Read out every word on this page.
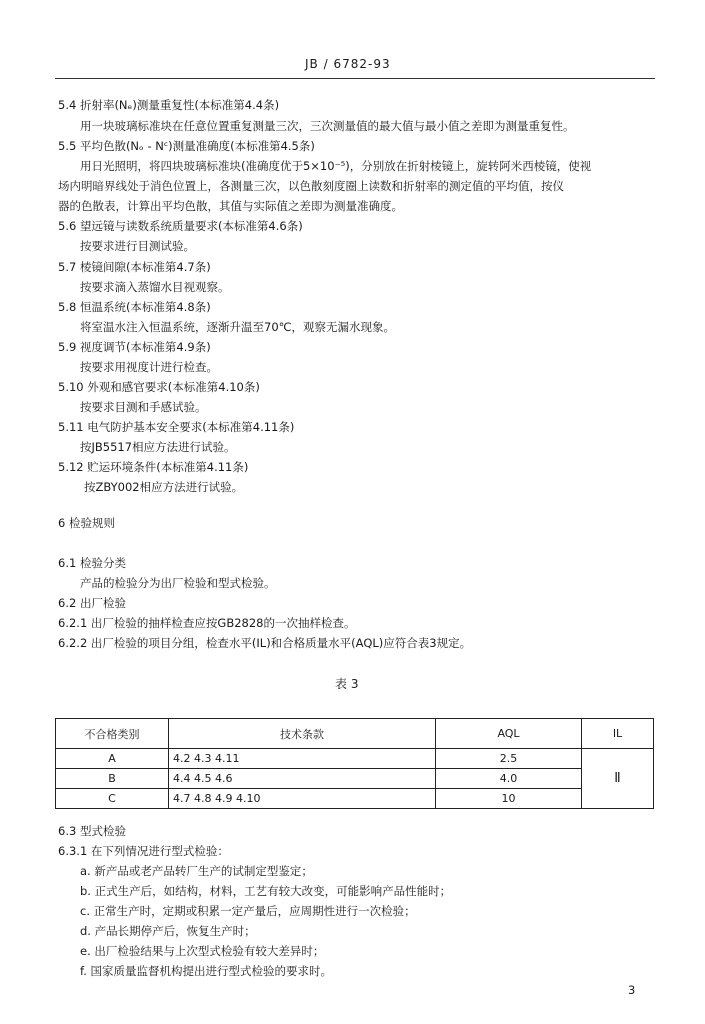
JB / 6782-93
5.4 折射率(Nₑ)测量重复性(本标准第4.4条)
用一块玻璃标准块在任意位置重复测量三次，三次测量值的最大值与最小值之差即为测量重复性。
5.5 平均色散(Nₒ - Nᶜ)测量准确度(本标准第4.5条)
用日光照明，将四块玻璃标准块(准确度优于5×10⁻⁵)，分别放在折射棱镜上，旋转阿米西棱镜，使视
场内明暗界线处于消色位置上，各测量三次，以色散刻度圈上读数和折射率的测定值的平均值，按仪
器的色散表，计算出平均色散，其值与实际值之差即为测量准确度。
5.6 望远镜与读数系统质量要求(本标准第4.6条)
按要求进行目测试验。
5.7 棱镜间隙(本标准第4.7条)
按要求滴入蒸馏水目视观察。
5.8 恒温系统(本标准第4.8条)
将室温水注入恒温系统，逐渐升温至70℃，观察无漏水现象。
5.9 视度调节(本标准第4.9条)
按要求用视度计进行检查。
5.10 外观和感官要求(本标准第4.10条)
按要求目测和手感试验。
5.11 电气防护基本安全要求(本标准第4.11条)
按JB5517相应方法进行试验。
5.12 贮运环境条件(本标准第4.11条)
按ZBY002相应方法进行试验。
6 检验规则
6.1 检验分类
产品的检验分为出厂检验和型式检验。
6.2 出厂检验
6.2.1 出厂检验的抽样检查应按GB2828的一次抽样检查。
6.2.2 出厂检验的项目分组，检查水平(IL)和合格质量水平(AQL)应符合表3规定。
表 3
不合格类别	技术条款	AQL	IL
A	4.2 4.3 4.11	2.5	Ⅱ
B	4.4 4.5 4.6	4.0	
C	4.7 4.8 4.9 4.10	10	
6.3 型式检验
6.3.1 在下列情况进行型式检验：
a. 新产品或老产品转厂生产的试制定型鉴定；
b. 正式生产后，如结构，材料，工艺有较大改变，可能影响产品性能时；
c. 正常生产时，定期或积累一定产量后，应周期性进行一次检验；
d. 产品长期停产后，恢复生产时；
e. 出厂检验结果与上次型式检验有较大差异时；
f. 国家质量监督机构提出进行型式检验的要求时。
3
